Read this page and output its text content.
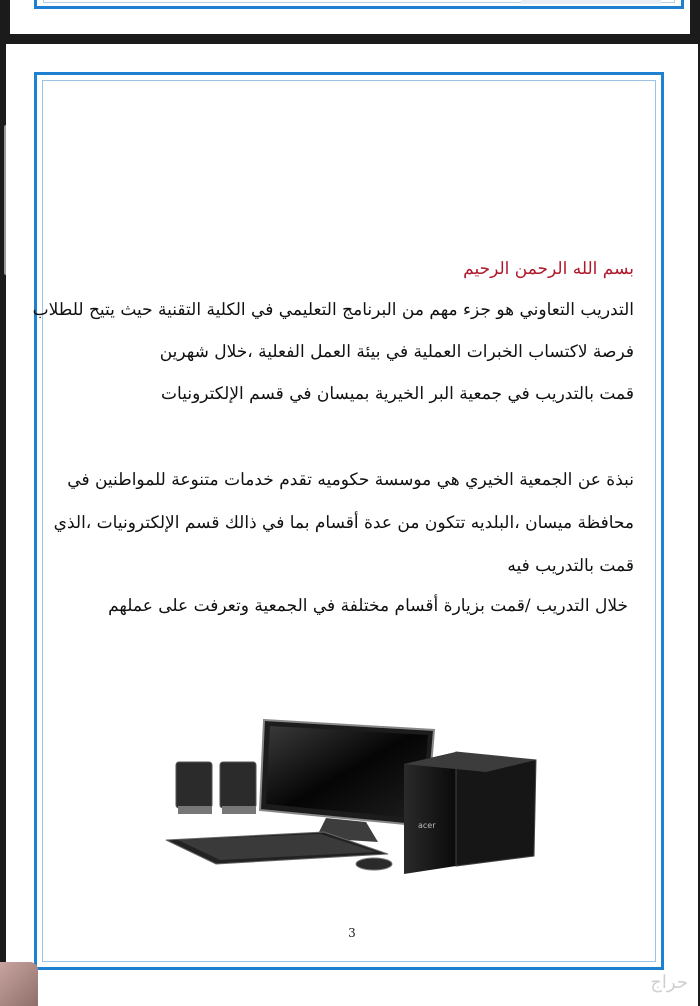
بسم الله الرحمن الرحيم
التدريب التعاوني هو جزء مهم من البرنامج التعليمي في الكلية التقنية حيث يتيح للطلاب
فرصة لاكتساب الخبرات العملية في بيئة العمل الفعلية ،خلال شهرين
قمت بالتدريب في جمعية البر الخيرية بميسان في قسم الإلكترونيات
نبذة عن الجمعية الخيري هي موسسة حكوميه تقدم خدمات متنوعة للمواطنين في
محافظة ميسان ،البلديه تتكون من عدة أقسام بما في ذالك قسم الإلكترونيات ،الذي
قمت بالتدريب فيه
خلال التدريب /قمت بزيارة أقسام مختلفة في الجمعية وتعرفت على عملهم
acer
3
حراج
